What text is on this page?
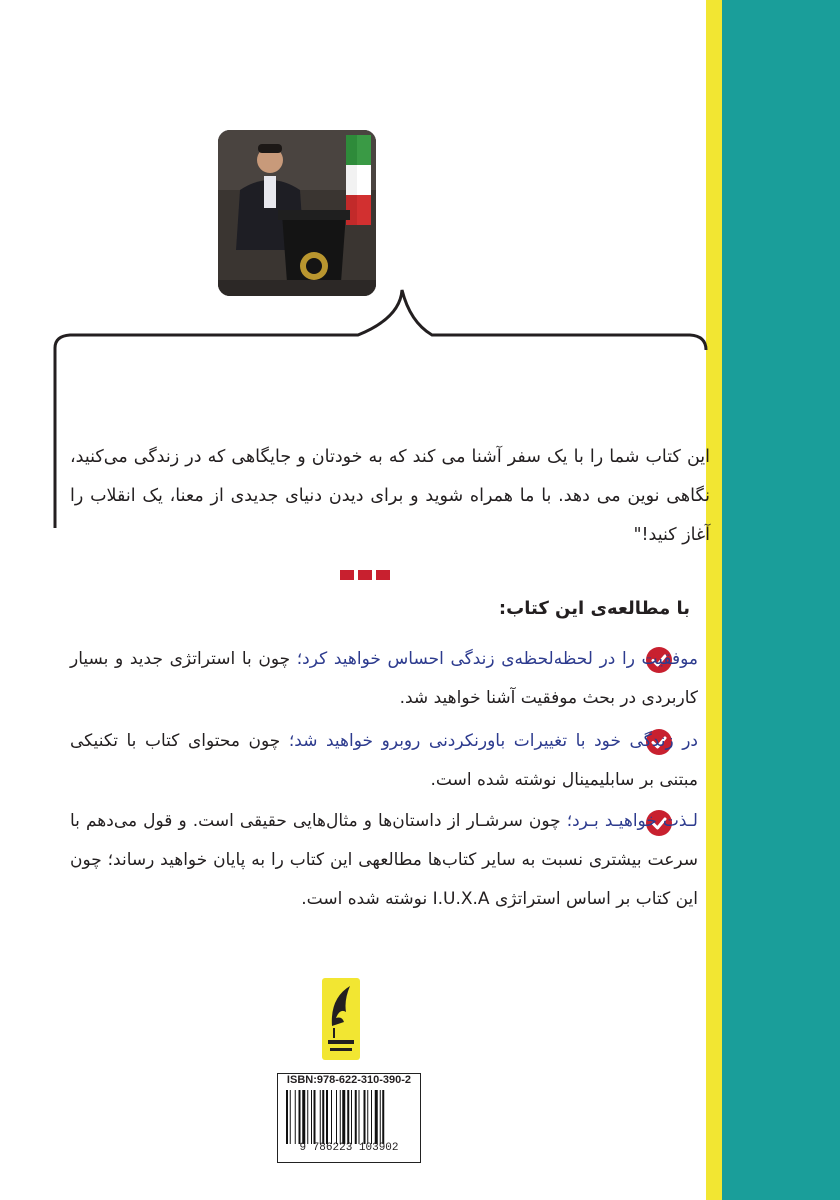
این کتاب شما را با یک سفر آشنا می کند که به خودتان و جایگاهی که در زندگی می‌کنید، نگاهی نوین می دهد. با ما همراه شوید و برای دیدن دنیای جدیدی از معنا، یک انقلاب را آغاز کنید!"
با مطالعه‌ی این کتاب:
موفقیت را در لحظه‌لحظه‌ی زندگی احساس خواهید کرد؛ چون با استراتژی جدید و بسیار کاربردی در بحث موفقیت آشنا خواهید شد.
در زندگی خود با تغییرات باورنکردنی روبرو خواهید شد؛ چون محتوای کتاب با تکنیکی مبتنی بر سابلیمینال نوشته شده است.
لـذت خواهیـد بـرد؛ چون سرشـار از داستان‌ها و مثال‌هایی حقیقی است. و قول می‌دهم با سرعت بیشتری نسبت به سایر کتاب‌ها مطالعهی این کتاب را به پایان خواهید رساند؛ چون این کتاب بر اساس استراتژی I.U.X.A نوشته شده است.
ISBN:978-622-310-390-2
9 786223 103902
